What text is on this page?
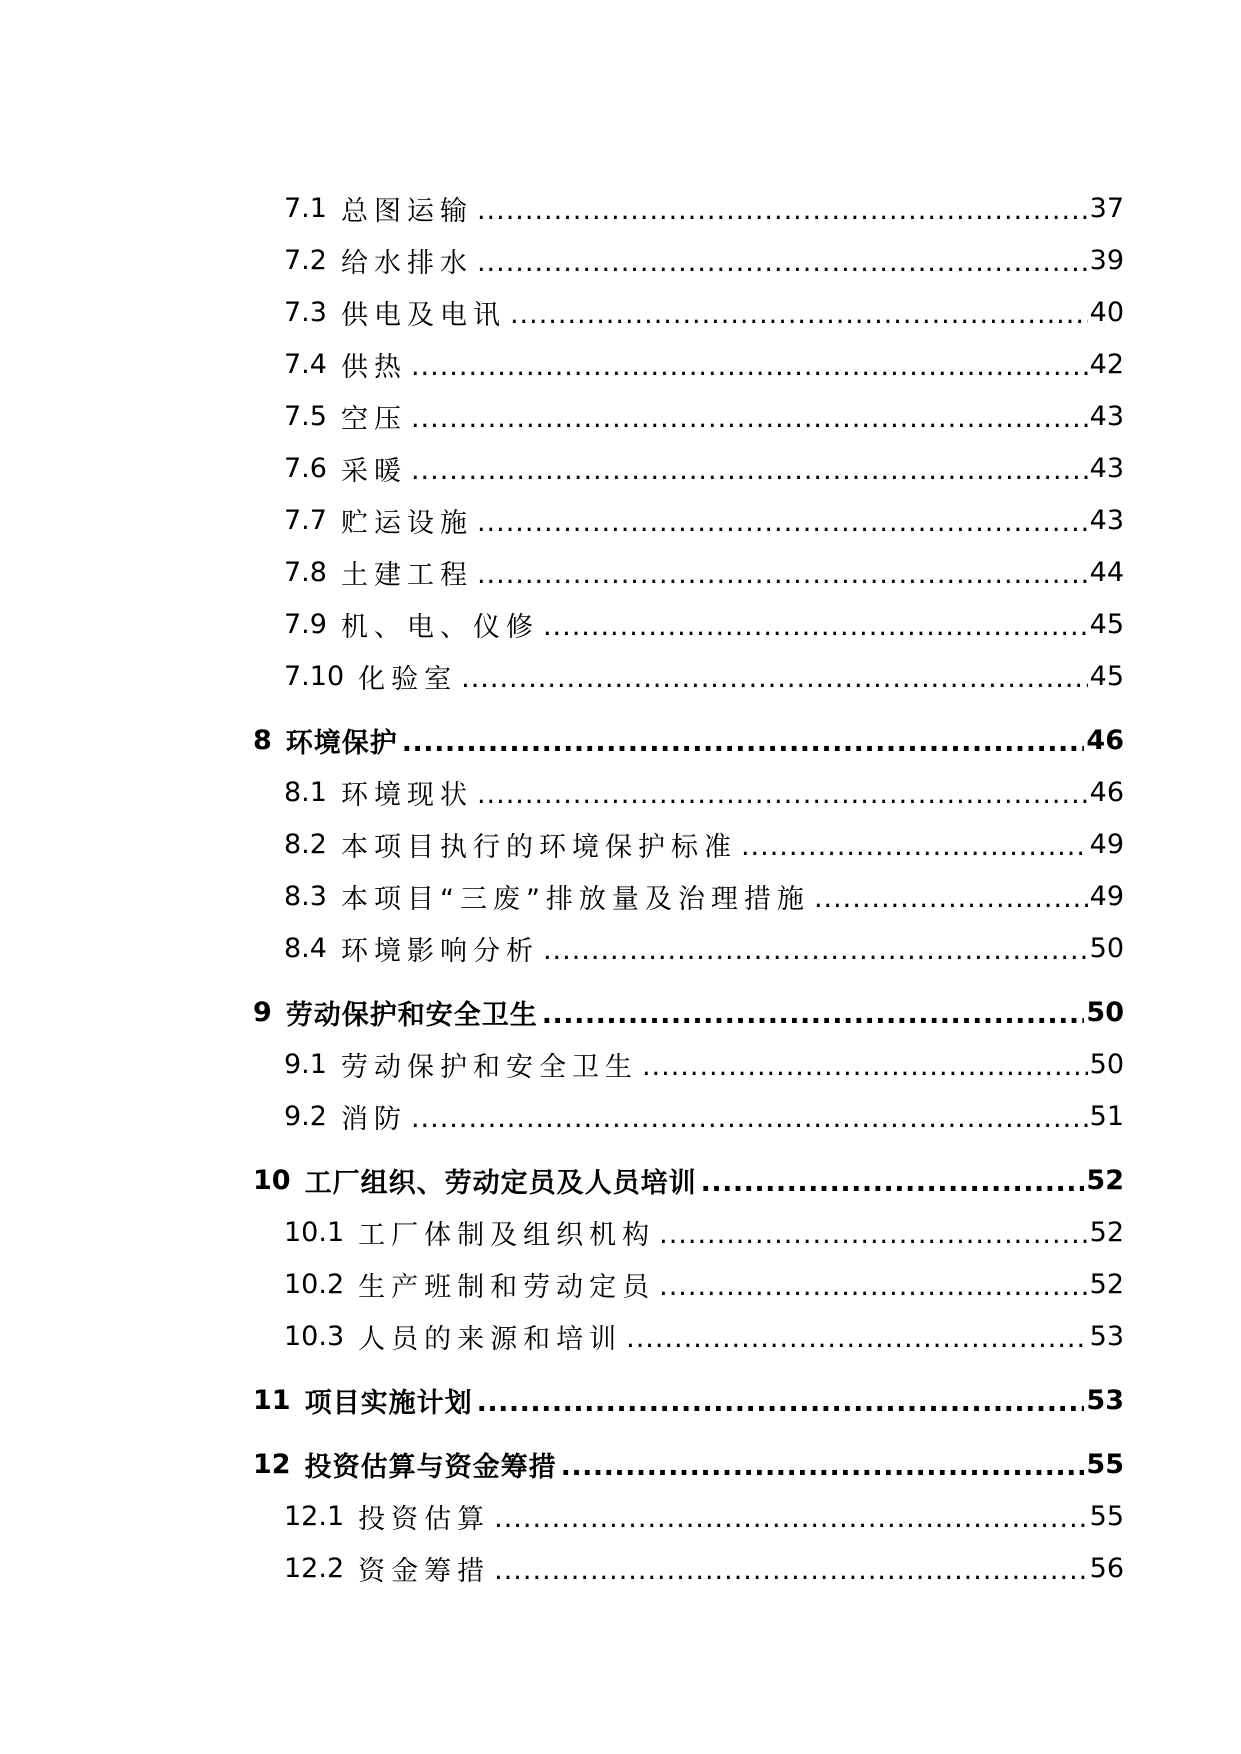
7.1 总图运输 .....	37
7.2 给水排水 .....	39
7.3 供电及电讯 .....	40
7.4 供热 .....	42
7.5 空压 .....	43
7.6 采暖 .....	43
7.7 贮运设施 .....	43
7.8 土建工程 .....	44
7.9 机、电、仪修 .....	45
7.10 化验室 .....	45
8 环境保护 .....	46
8.1 环境现状 .....	46
8.2 本项目执行的环境保护标准 .....	49
8.3 本项目“三废”排放量及治理措施 .....	49
8.4 环境影响分析 .....	50
9 劳动保护和安全卫生 .....	50
9.1 劳动保护和安全卫生 .....	50
9.2 消防 .....	51
10 工厂组织、劳动定员及人员培训 .....	52
10.1 工厂体制及组织机构 .....	52
10.2 生产班制和劳动定员 .....	52
10.3 人员的来源和培训 .....	53
11 项目实施计划 .....	53
12 投资估算与资金筹措 .....	55
12.1 投资估算 .....	55
12.2 资金筹措 .....	56
